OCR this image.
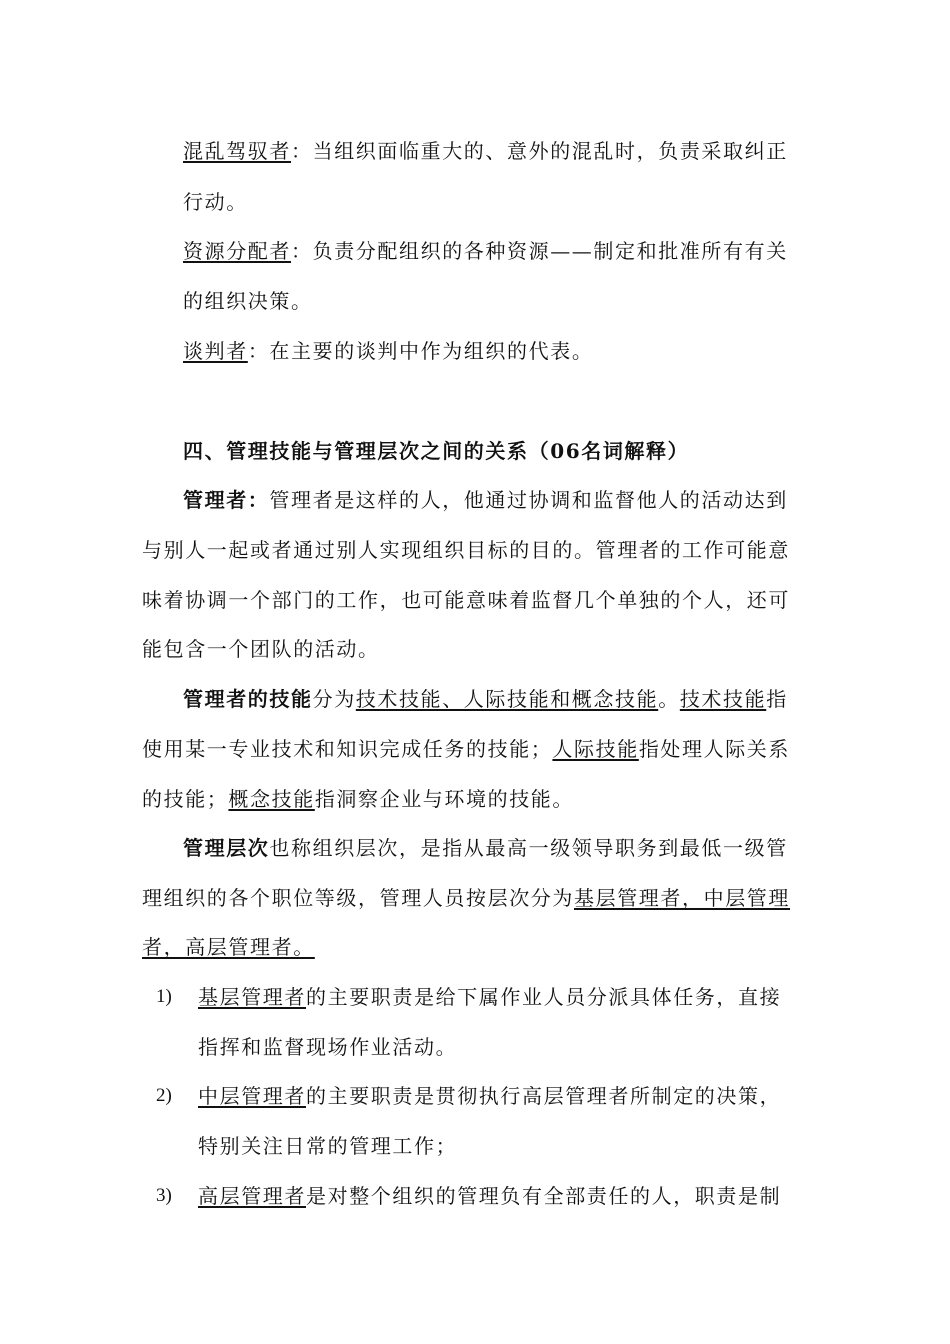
混乱驾驭者：当组织面临重大的、意外的混乱时，负责采取纠正
行动。
资源分配者：负责分配组织的各种资源——制定和批准所有有关
的组织决策。
谈判者：在主要的谈判中作为组织的代表。
四、管理技能与管理层次之间的关系（06名词解释）
管理者：管理者是这样的人，他通过协调和监督他人的活动达到
与别人一起或者通过别人实现组织目标的目的。管理者的工作可能意
味着协调一个部门的工作，也可能意味着监督几个单独的个人，还可
能包含一个团队的活动。
管理者的技能分为技术技能、人际技能和概念技能。技术技能指
使用某一专业技术和知识完成任务的技能；人际技能指处理人际关系
的技能；概念技能指洞察企业与环境的技能。
管理层次也称组织层次，是指从最高一级领导职务到最低一级管
理组织的各个职位等级，管理人员按层次分为基层管理者，中层管理
者，高层管理者。
1) 基层管理者的主要职责是给下属作业人员分派具体任务，直接
指挥和监督现场作业活动。
2) 中层管理者的主要职责是贯彻执行高层管理者所制定的决策，
特别关注日常的管理工作；
3) 高层管理者是对整个组织的管理负有全部责任的人，职责是制
